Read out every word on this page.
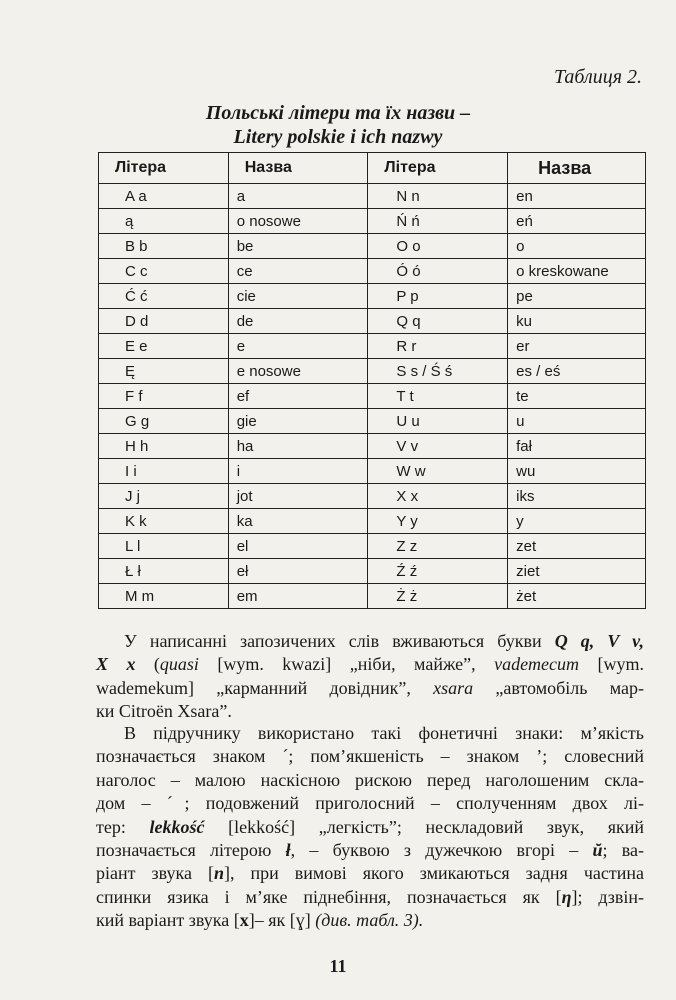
Таблиця 2.
Польські літери та їх назви –
Litery polskie i ich nazwy
Літера	Назва	Літера	Назва
A a	a	N n	en
ą	o nosowe	Ń ń	eń
B b	be	O o	o
C c	ce	Ó ó	o kreskowane
Ć ć	cie	P p	pe
D d	de	Q q	ku
E e	e	R r	er
Ę	e nosowe	S s / Ś ś	es / eś
F f	ef	T t	te
G g	gie	U u	u
H h	ha	V v	fał
I i	i	W w	wu
J j	jot	X x	iks
K k	ka	Y y	y
L l	el	Z z	zet
Ł ł	eł	Ź ź	ziet
M m	em	Ż ż	żet
У написанні запозичених слів вживаються букви Q q, V v,
X x (quasi [wym. kwazi] „ніби, майже”, vademecum [wym.
wademekum] „карманний довідник”, xsara „автомобіль мар-
ки Citroën Xsara”.
В підручнику використано такі фонетичні знаки: м’якість
позначається знаком ´; пом’якшеність – знаком ’; словесний
наголос – малою наскісною рискою перед наголошеним скла-
дом – ˊ; подовжений приголосний – сполученням двох лі-
тер: lekkość [lekkość] „легкість”; нескладовий звук, який
позначається літерою ł, – буквою з дужечкою вгорі – ŭ; ва-
ріант звука [n], при вимові якого змикаються задня частина
спинки язика і м’яке піднебіння, позначається як [η]; дзвін-
кий варіант звука [x]– як [ɣ] (див. табл. 3).
11
